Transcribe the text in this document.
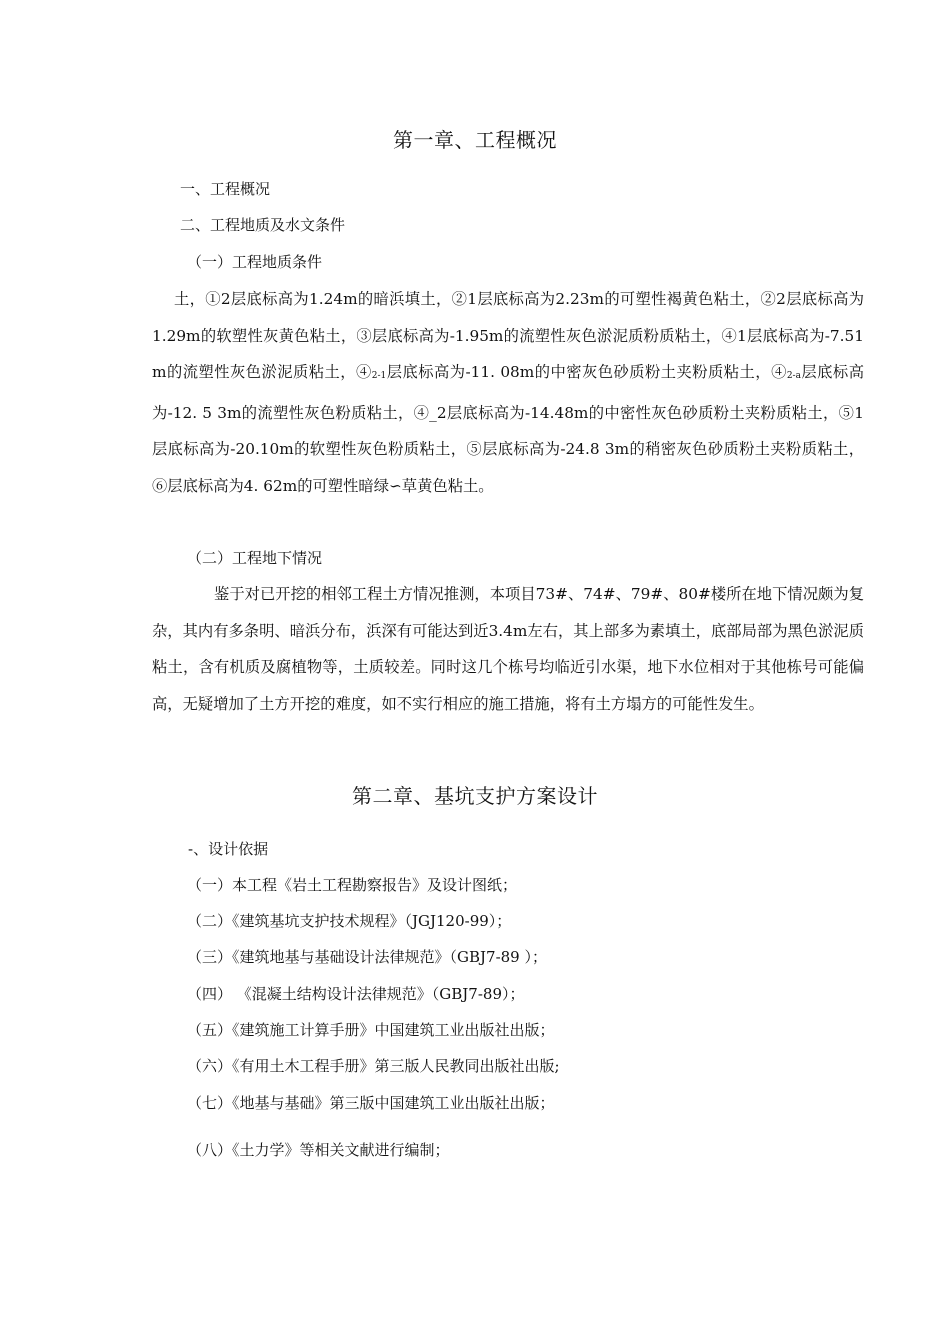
第一章、工程概况

一、工程概况

二、工程地质及水文条件

（一）工程地质条件

土，①2层底标高为1.24m的暗浜填土，②1层底标高为2.23m的可塑性褐黄色粘土，②2层底标高为1.29m的软塑性灰黄色粘土，③层底标高为-1.95m的流塑性灰色淤泥质粉质粘土，④1层底标高为-7.51m的流塑性灰色淤泥质粘土，④2-1层底标高为-11. 08m的中密灰色砂质粉土夹粉质粘土，④2-a层底标高为-12. 5 3m的流塑性灰色粉质粘土，④_2层底标高为-14.48m的中密性灰色砂质粉土夹粉质粘土，⑤1层底标高为-20.10m的软塑性灰色粉质粘土，⑤层底标高为-24.8 3m的稍密灰色砂质粉土夹粉质粘土，⑥层底标高为4. 62m的可塑性暗绿∽草黄色粘土。

（二）工程地下情况

鉴于对已开挖的相邻工程土方情况推测，本项目73#、74#、79#、80#楼所在地下情况颇为复杂，其内有多条明、暗浜分布，浜深有可能达到近3.4m左右，其上部多为素填土，底部局部为黑色淤泥质粘土，含有机质及腐植物等，土质较差。同时这几个栋号均临近引水渠，地下水位相对于其他栋号可能偏高，无疑增加了土方开挖的难度，如不实行相应的施工措施，将有土方塌方的可能性发生。

第二章、基坑支护方案设计

-、设计依据

（一）本工程《岩土工程勘察报告》及设计图纸；

（二）《建筑基坑支护技术规程》（JGJ120-99）；

（三）《建筑地基与基础设计法律规范》（GBJ7-89 ）；

（四） 《混凝土结构设计法律规范》（GBJ7-89）；

（五）《建筑施工计算手册》中国建筑工业出版社出版；

（六）《有用土木工程手册》第三版人民教同出版社出版;

（七）《地基与基础》第三版中国建筑工业出版社出版；

（八）《土力学》等相关文献进行编制；
